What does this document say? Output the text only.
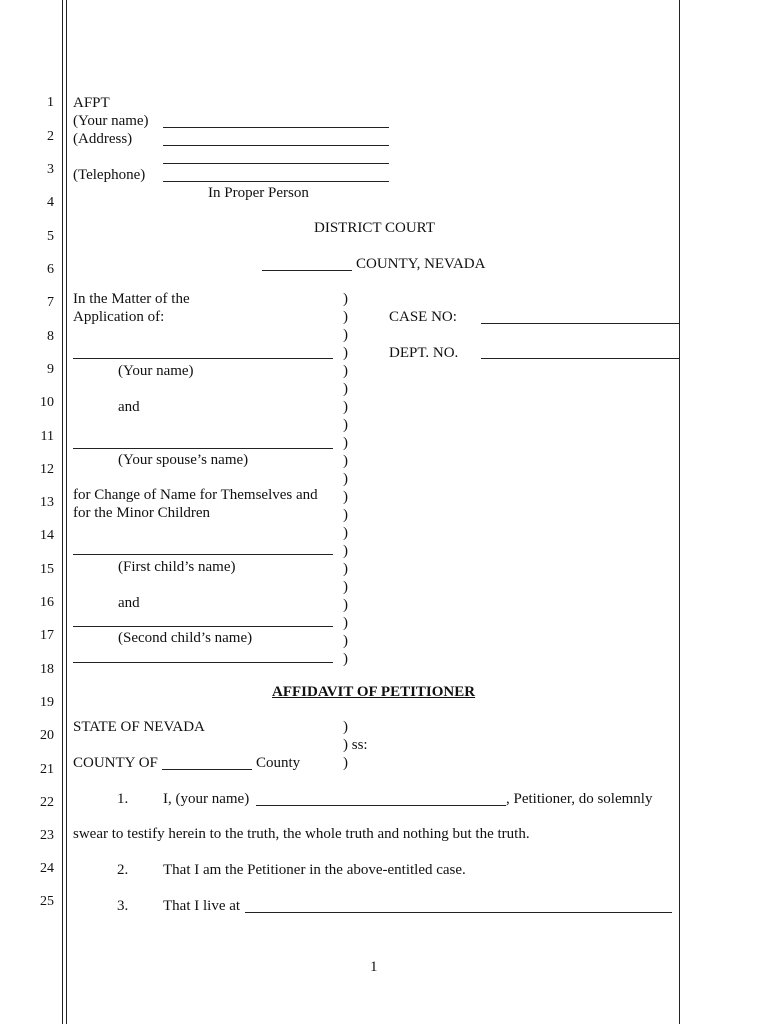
1
2
3
4
5
6
7
8
9
10
11
12
13
14
15
16
17
18
19
20
21
22
23
24
25
AFPT
(Your name)
(Address)
(Telephone)
In Proper Person
DISTRICT COURT
COUNTY, NEVADA
In the Matter of the
Application of:
(Your name)
and
(Your spouse’s name)
for Change of Name for Themselves and
for the Minor Children
(First child’s name)
and
(Second child’s name)
)
)
)
)
)
)
)
)
)
)
)
)
)
)
)
)
)
)
)
)
)
CASE NO:
DEPT. NO.
AFFIDAVIT OF PETITIONER
STATE OF NEVADA	)
) ss:
COUNTY OF	County	)
1. I, (your name)	, Petitioner, do solemnly
swear to testify herein to the truth, the whole truth and nothing but the truth.
2. That I am the Petitioner in the above-entitled case.
3. That I live at
1
